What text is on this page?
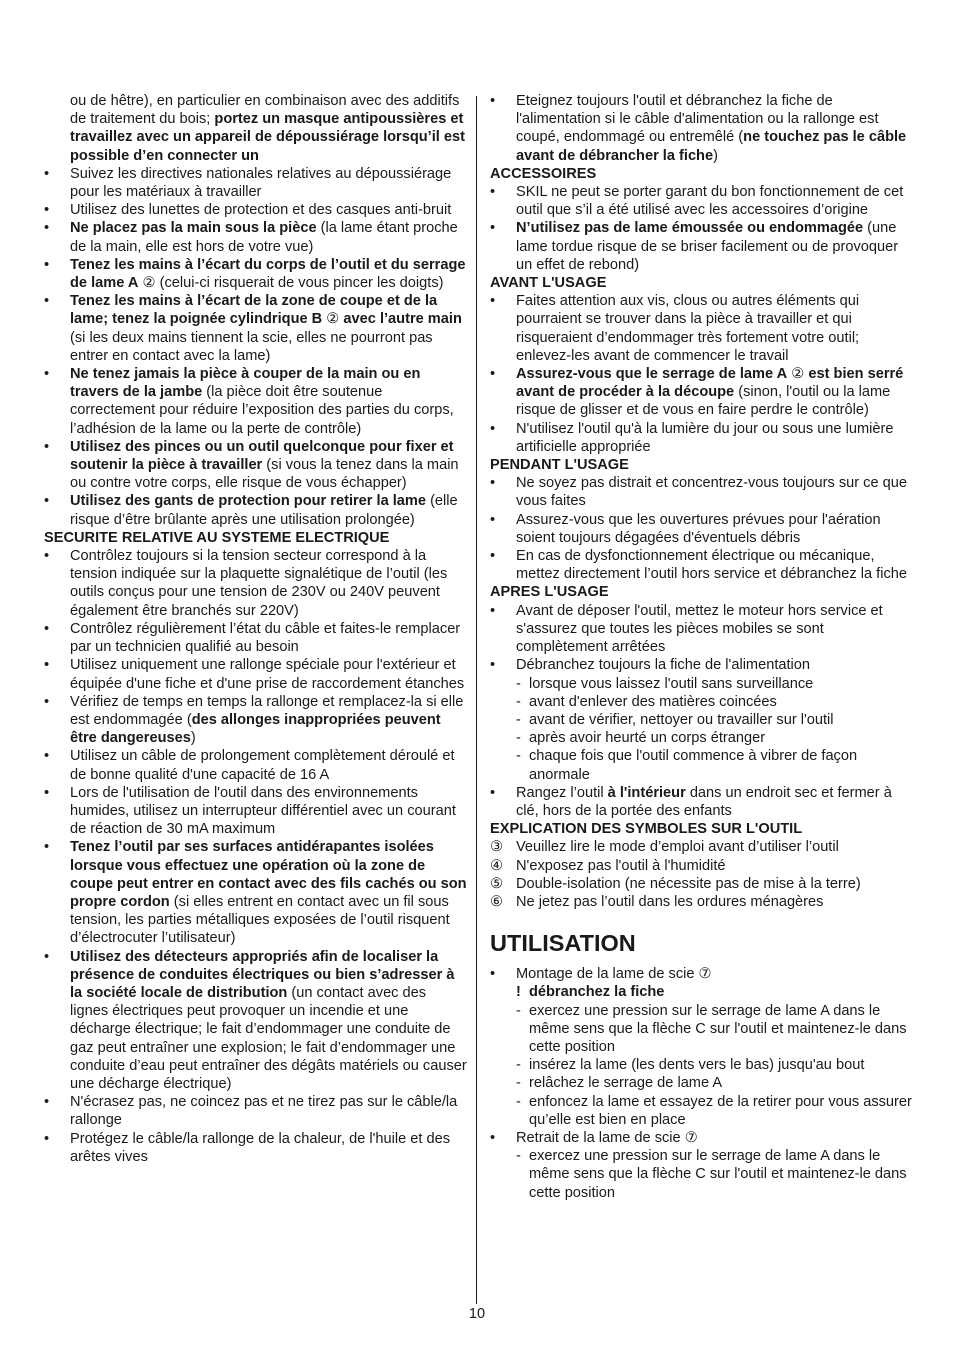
ou de hêtre), en particulier en combinaison avec des additifs de traitement du bois; portez un masque antipoussières et travaillez avec un appareil de dépoussiérage lorsqu’il est possible d’en connecter un
•	Suivez les directives nationales relatives au dépoussiérage pour les matériaux à travailler
•	Utilisez des lunettes de protection et des casques anti-bruit
•	Ne placez pas la main sous la pièce (la lame étant proche de la main, elle est hors de votre vue)
•	Tenez les mains à l’écart du corps de l’outil et du serrage de lame A ② (celui-ci risquerait de vous pincer les doigts)
•	Tenez les mains à l’écart de la zone de coupe et de la lame; tenez la poignée cylindrique B ② avec l’autre main (si les deux mains tiennent la scie, elles ne pourront pas entrer en contact avec la lame)
•	Ne tenez jamais la pièce à couper de la main ou en travers de la jambe (la pièce doit être soutenue correctement pour réduire l’exposition des parties du corps, l’adhésion de la lame ou la perte de contrôle)
•	Utilisez des pinces ou un outil quelconque pour fixer et soutenir la pièce à travailler (si vous la tenez dans la main ou contre votre corps, elle risque de vous échapper)
•	Utilisez des gants de protection pour retirer la lame (elle risque d’être brûlante après une utilisation prolongée)
SECURITE RELATIVE AU SYSTEME ELECTRIQUE
•	Contrôlez toujours si la tension secteur correspond à la tension indiquée sur la plaquette signalétique de l’outil (les outils conçus pour une tension de 230V ou 240V peuvent également être branchés sur 220V)
•	Contrôlez régulièrement l’état du câble et faites-le remplacer par un technicien qualifié au besoin
•	Utilisez uniquement une rallonge spéciale pour l'extérieur et équipée d'une fiche et d'une prise de raccordement étanches
•	Vérifiez de temps en temps la rallonge et remplacez-la si elle est endommagée (des allonges inappropriées peuvent être dangereuses)
•	Utilisez un câble de prolongement complètement déroulé et de bonne qualité d'une capacité de 16 A
•	Lors de l'utilisation de l'outil dans des environnements humides, utilisez un interrupteur différentiel avec un courant de réaction de 30 mA maximum
•	Tenez l’outil par ses surfaces antidérapantes isolées lorsque vous effectuez une opération où la zone de coupe peut entrer en contact avec des fils cachés ou son propre cordon (si elles entrent en contact avec un fil sous tension, les parties métalliques exposées de l’outil risquent d’électrocuter l’utilisateur)
•	Utilisez des détecteurs appropriés afin de localiser la présence de conduites électriques ou bien s’adresser à la société locale de distribution (un contact avec des lignes électriques peut provoquer un incendie et une décharge électrique; le fait d’endommager une conduite de gaz peut entraîner une explosion; le fait d’endommager une conduite d’eau peut entraîner des dégâts matériels ou causer une décharge électrique)
•	N'écrasez pas, ne coincez pas et ne tirez pas sur le câble/la rallonge
•	Protégez le câble/la rallonge de la chaleur, de l'huile et des arêtes vives
•	Eteignez toujours l'outil et débranchez la fiche de l'alimentation si le câble d'alimentation ou la rallonge est coupé, endommagé ou entremêlé (ne touchez pas le câble avant de débrancher la fiche)
ACCESSOIRES
•	SKIL ne peut se porter garant du bon fonctionnement de cet outil que s’il a été utilisé avec les accessoires d’origine
•	N’utilisez pas de lame émoussée ou endommagée (une lame tordue risque de se briser facilement ou de provoquer un effet de rebond)
AVANT L'USAGE
•	Faites attention aux vis, clous ou autres éléments qui pourraient se trouver dans la pièce à travailler et qui risqueraient d’endommager très fortement votre outil; enlevez-les avant de commencer le travail
•	Assurez-vous que le serrage de lame A ② est bien serré avant de procéder à la découpe (sinon, l'outil ou la lame risque de glisser et de vous en faire perdre le contrôle)
•	N'utilisez l'outil qu'à la lumière du jour ou sous une lumière artificielle appropriée
PENDANT L'USAGE
•	Ne soyez pas distrait et concentrez-vous toujours sur ce que vous faites
•	Assurez-vous que les ouvertures prévues pour l'aération soient toujours dégagées d'éventuels débris
•	En cas de dysfonctionnement électrique ou mécanique, mettez directement l’outil hors service et débranchez la fiche
APRES L'USAGE
•	Avant de déposer l'outil, mettez le moteur hors service et s'assurez que toutes les pièces mobiles se sont complètement arrêtées
•	Débranchez toujours la fiche de l'alimentation
- lorsque vous laissez l'outil sans surveillance
- avant d'enlever des matières coincées
- avant de vérifier, nettoyer ou travailler sur l'outil
- après avoir heurté un corps étranger
- chaque fois que l'outil commence à vibrer de façon anormale
•	Rangez l’outil à l'intérieur dans un endroit sec et fermer à clé, hors de la portée des enfants
EXPLICATION DES SYMBOLES SUR L'OUTIL
③ Veuillez lire le mode d’emploi avant d’utiliser l’outil
④ N'exposez pas l'outil à l'humidité
⑤ Double-isolation (ne nécessite pas de mise à la terre)
⑥ Ne jetez pas l’outil dans les ordures ménagères
UTILISATION
•	Montage de la lame de scie ⑦
! débranchez la fiche
- exercez une pression sur le serrage de lame A dans le même sens que la flèche C sur l'outil et maintenez-le dans cette position
- insérez la lame (les dents vers le bas) jusqu'au bout
- relâchez le serrage de lame A
- enfoncez la lame et essayez de la retirer pour vous assurer qu’elle est bien en place
•	Retrait de la lame de scie ⑦
- exercez une pression sur le serrage de lame A dans le même sens que la flèche C sur l'outil et maintenez-le dans cette position
10
